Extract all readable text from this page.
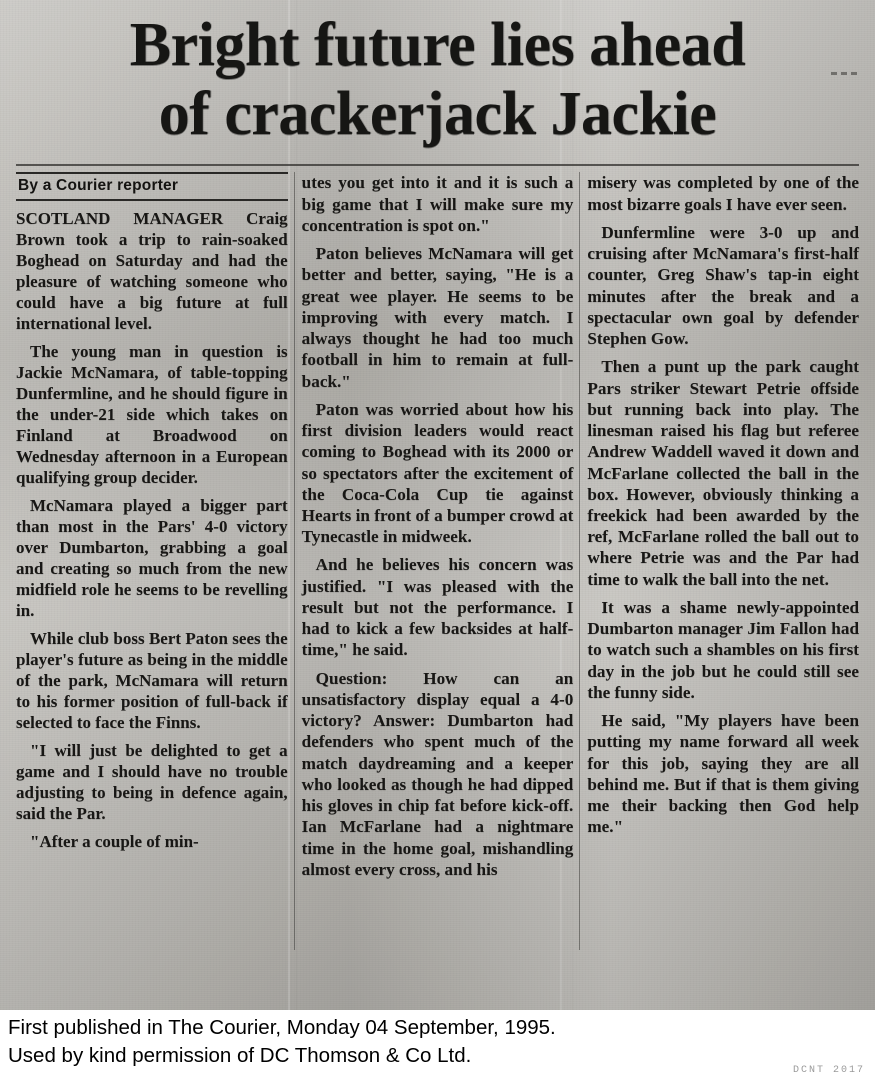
Bright future lies ahead
of crackerjack Jackie
By a Courier reporter

SCOTLAND MANAGER Craig Brown took a trip to rain-soaked Boghead on Saturday and had the pleasure of watching someone who could have a big future at full international level.

The young man in question is Jackie McNamara, of table-topping Dunfermline, and he should figure in the under-21 side which takes on Finland at Broadwood on Wednesday afternoon in a European qualifying group decider.

McNamara played a bigger part than most in the Pars' 4-0 victory over Dumbarton, grabbing a goal and creating so much from the new midfield role he seems to be revelling in.

While club boss Bert Paton sees the player's future as being in the middle of the park, McNamara will return to his former position of full-back if selected to face the Finns.

"I will just be delighted to get a game and I should have no trouble adjusting to being in defence again, said the Par.

"After a couple of min-

utes you get into it and it is such a big game that I will make sure my concentration is spot on."

Paton believes McNamara will get better and better, saying, "He is a great wee player. He seems to be improving with every match. I always thought he had too much football in him to remain at full-back."

Paton was worried about how his first division leaders would react coming to Boghead with its 2000 or so spectators after the excitement of the Coca-Cola Cup tie against Hearts in front of a bumper crowd at Tynecastle in midweek.

And he believes his concern was justified. "I was pleased with the result but not the performance. I had to kick a few backsides at half-time," he said.

Question: How can an unsatisfactory display equal a 4-0 victory? Answer: Dumbarton had defenders who spent much of the match daydreaming and a keeper who looked as though he had dipped his gloves in chip fat before kick-off. Ian McFarlane had a nightmare time in the home goal, mishandling almost every cross, and his

misery was completed by one of the most bizarre goals I have ever seen.

Dunfermline were 3-0 up and cruising after McNamara's first-half counter, Greg Shaw's tap-in eight minutes after the break and a spectacular own goal by defender Stephen Gow.

Then a punt up the park caught Pars striker Stewart Petrie offside but running back into play. The linesman raised his flag but referee Andrew Waddell waved it down and McFarlane collected the ball in the box. However, obviously thinking a freekick had been awarded by the ref, McFarlane rolled the ball out to where Petrie was and the Par had time to walk the ball into the net.

It was a shame newly-appointed Dumbarton manager Jim Fallon had to watch such a shambles on his first day in the job but he could still see the funny side.

He said, "My players have been putting my name forward all week for this job, saying they are all behind me. But if that is them giving me their backing then God help me."

First published in The Courier, Monday 04 September, 1995.
Used by kind permission of DC Thomson & Co Ltd.
DCNT 2017
